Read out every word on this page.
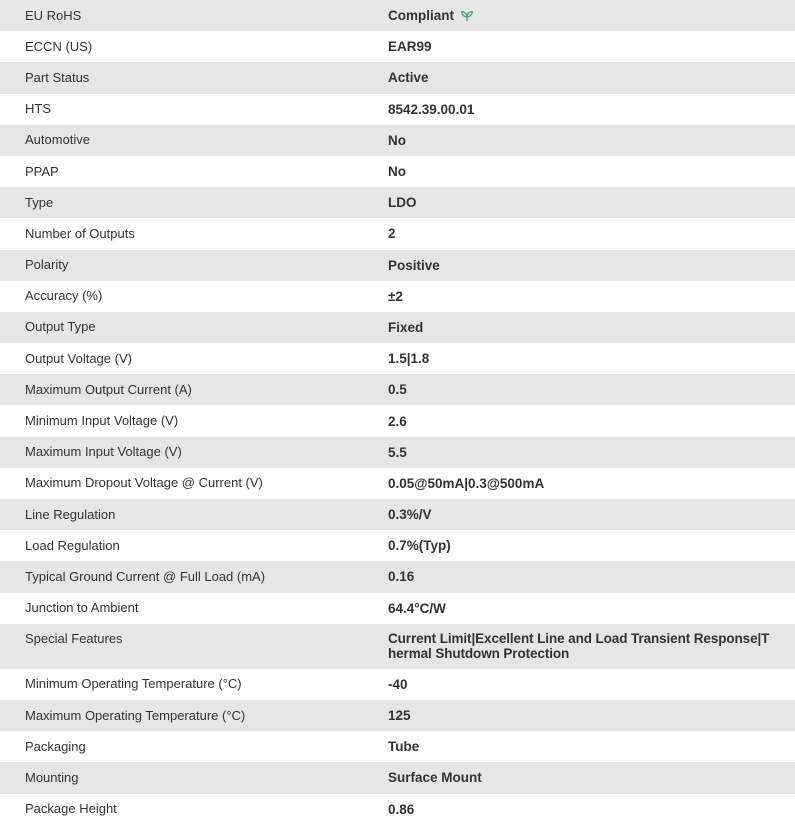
EU RoHS	Compliant
ECCN (US)	EAR99
Part Status	Active
HTS	8542.39.00.01
Automotive	No
PPAP	No
Type	LDO
Number of Outputs	2
Polarity	Positive
Accuracy (%)	±2
Output Type	Fixed
Output Voltage (V)	1.5|1.8
Maximum Output Current (A)	0.5
Minimum Input Voltage (V)	2.6
Maximum Input Voltage (V)	5.5
Maximum Dropout Voltage @ Current (V)	0.05@50mA|0.3@500mA
Line Regulation	0.3%/V
Load Regulation	0.7%(Typ)
Typical Ground Current @ Full Load (mA)	0.16
Junction to Ambient	64.4°C/W
Special Features	Current Limit|Excellent Line and Load Transient Response|Thermal Shutdown Protection
Minimum Operating Temperature (°C)	-40
Maximum Operating Temperature (°C)	125
Packaging	Tube
Mounting	Surface Mount
Package Height	0.86
